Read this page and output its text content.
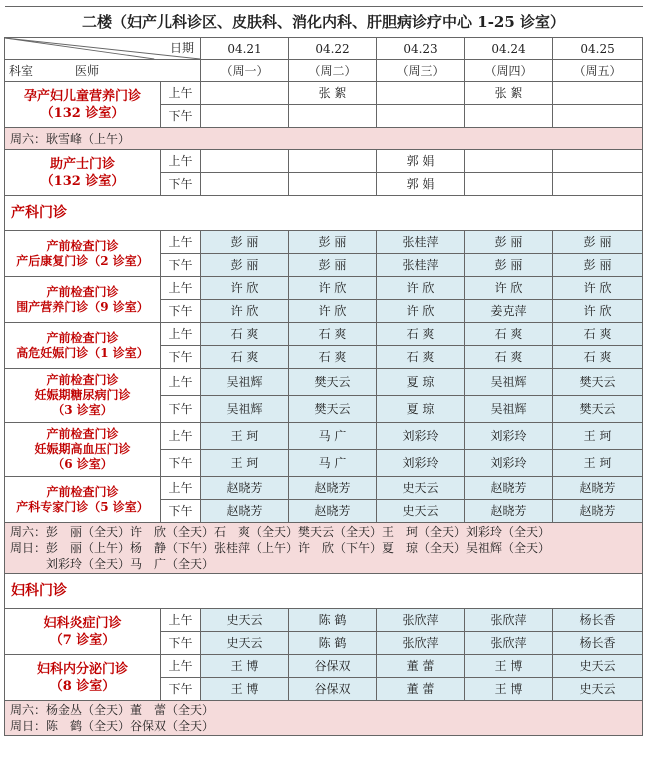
二楼（妇产儿科诊区、皮肤科、消化内科、肝胆病诊疗中心 1-25 诊室）						

日期		04.21	04.22	04.23	04.24	04.25
科室 医师		（周一）	（周二）	（周三）	（周四）	（周五）

孕产妇儿童营养门诊
（132 诊室）	上午		张 絮		张 絮	
	下午					

周六：耿雪峰（上午）						

助产士门诊
（132 诊室）	上午			郭 娟		
	下午			郭 娟		
产科门诊						

产前检查门诊
产后康复门诊（2 诊室）	上午	彭 丽	彭 丽	张桂萍	彭 丽	彭 丽
	下午	彭 丽	彭 丽	张桂萍	彭 丽	彭 丽

产前检查门诊
围产营养门诊（9 诊室）	上午	许 欣	许 欣	许 欣	许 欣	许 欣
	下午	许 欣	许 欣	许 欣	姜克萍	许 欣

产前检查门诊
高危妊娠门诊（1 诊室）	上午	石 爽	石 爽	石 爽	石 爽	石 爽
	下午	石 爽	石 爽	石 爽	石 爽	石 爽

产前检查门诊
妊娠期糖尿病门诊
（3 诊室）	上午	吴祖辉	樊天云	夏 琼	吴祖辉	樊天云
	下午	吴祖辉	樊天云	夏 琼	吴祖辉	樊天云

产前检查门诊
妊娠期高血压门诊
（6 诊室）	上午	王 珂	马 广	刘彩玲	刘彩玲	王 珂
	下午	王 珂	马 广	刘彩玲	刘彩玲	王 珂

产前检查门诊
产科专家门诊（5 诊室）	上午	赵晓芳	赵晓芳	史天云	赵晓芳	赵晓芳
	下午	赵晓芳	赵晓芳	史天云	赵晓芳	赵晓芳

周六：彭　丽（全天）许　欣（全天）石　爽（全天）樊天云（全天）王　珂（全天）刘彩玲（全天）
周日：彭　丽（上午）杨　静（下午）张桂萍（上午）许　欣（下午）夏　琼（全天）吴祖辉（全天）
　　　刘彩玲（全天）马　广（全天）						

妇科门诊						

妇科炎症门诊
（7 诊室）	上午	史天云	陈 鹤	张欣萍	张欣萍	杨长香
	下午	史天云	陈 鹤	张欣萍	张欣萍	杨长香

妇科内分泌门诊
（8 诊室）	上午	王 博	谷保双	董 蕾	王 博	史天云
	下午	王 博	谷保双	董 蕾	王 博	史天云

周六：杨金丛（全天）董　蕾（全天）
周日：陈　鹤（全天）谷保双（全天）						
